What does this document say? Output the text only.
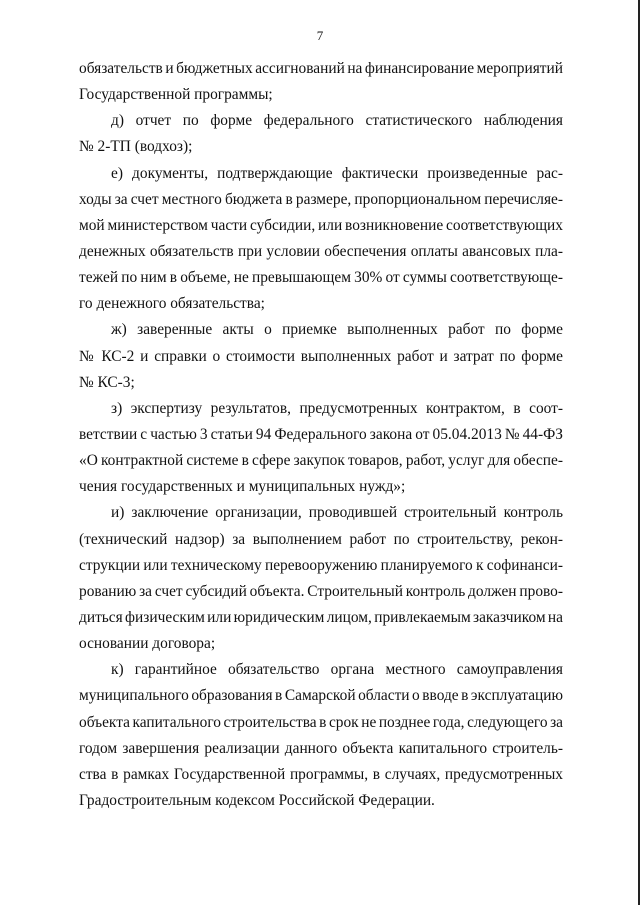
7
обязательств и бюджетных ассигнований на финансирование мероприятий
Государственной программы;
д) отчет по форме федерального статистического наблюдения
№ 2-ТП (водхоз);
е) документы, подтверждающие фактически произведенные рас-
ходы за счет местного бюджета в размере, пропорциональном перечисляе-
мой министерством части субсидии, или возникновение соответствующих
денежных обязательств при условии обеспечения оплаты авансовых пла-
тежей по ним в объеме, не превышающем 30% от суммы соответствующе-
го денежного обязательства;
ж) заверенные акты о приемке выполненных работ по форме
№ КС-2 и справки о стоимости выполненных работ и затрат по форме
№ КС-3;
з) экспертизу результатов, предусмотренных контрактом, в соот-
ветствии с частью 3 статьи 94 Федерального закона от 05.04.2013 № 44-ФЗ
«О контрактной системе в сфере закупок товаров, работ, услуг для обеспе-
чения государственных и муниципальных нужд»;
и) заключение организации, проводившей строительный контроль
(технический надзор) за выполнением работ по строительству, рекон-
струкции или техническому перевооружению планируемого к софинанси-
рованию за счет субсидий объекта. Строительный контроль должен прово-
диться физическим или юридическим лицом, привлекаемым заказчиком на
основании договора;
к) гарантийное обязательство органа местного самоуправления
муниципального образования в Самарской области о вводе в эксплуатацию
объекта капитального строительства в срок не позднее года, следующего за
годом завершения реализации данного объекта капитального строитель-
ства в рамках Государственной программы, в случаях, предусмотренных
Градостроительным кодексом Российской Федерации.
